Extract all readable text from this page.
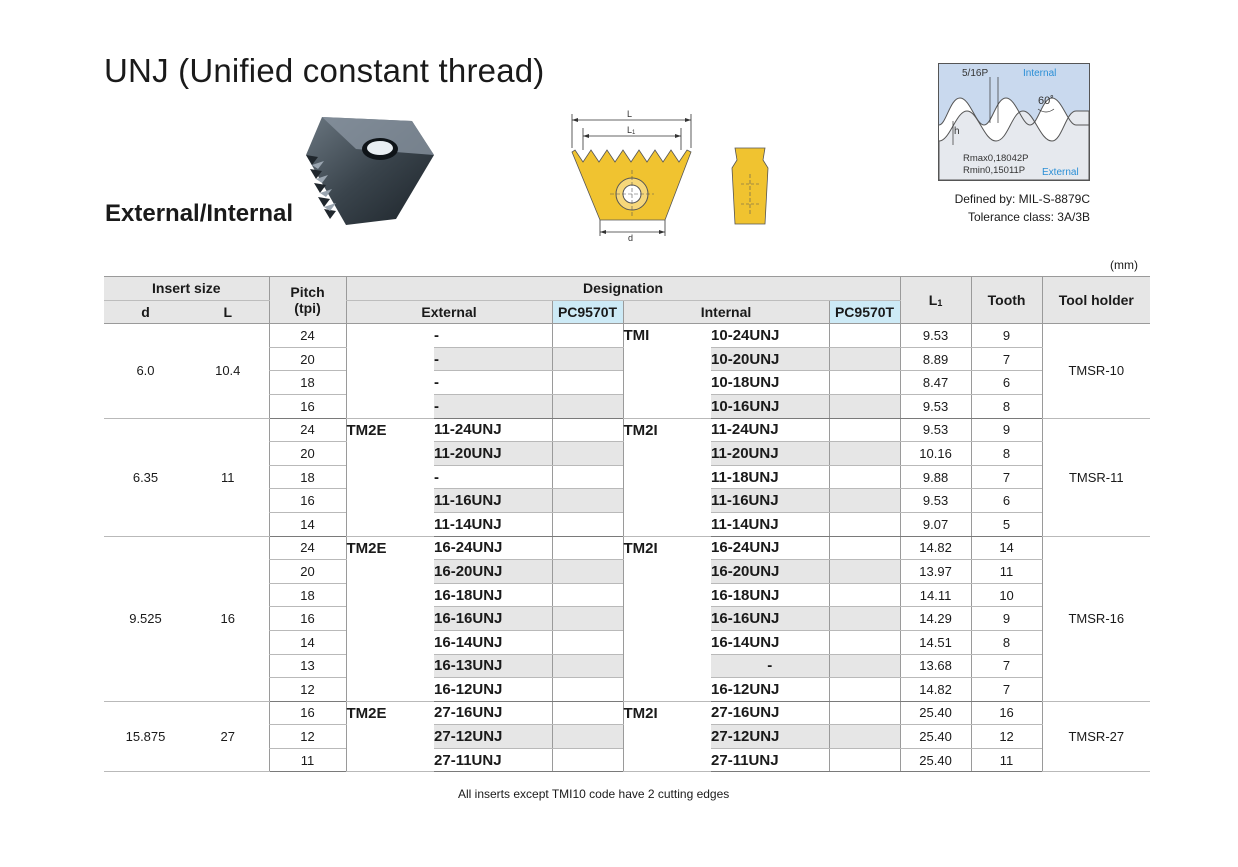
UNJ (Unified constant thread)
External/Internal
L
L1
d
5/16P	Internal
60˚
h
Rmax0,18042P
Rmin0,15011P External
Defined by: MIL-S-8879C
Tolerance class: 3A/3B
(mm)
Insert size		Pitch
(tpi)	Designation						L1	Tooth	Tool holder
d	L		External		PC9570T	Internal		PC9570T			
6.0	10.4	24		-		TMI	10-24UNJ		9.53	9	TMSR-10
		20		-			10-20UNJ		8.89	7	
		18		-			10-18UNJ		8.47	6	
		16		-			10-16UNJ		9.53	8	
6.35	11	24	TM2E	11-24UNJ		TM2I	11-24UNJ		9.53	9	TMSR-11
		20		11-20UNJ			11-20UNJ		10.16	8	
		18		-			11-18UNJ		9.88	7	
		16		11-16UNJ			11-16UNJ		9.53	6	
		14		11-14UNJ			11-14UNJ		9.07	5	
9.525	16	24	TM2E	16-24UNJ		TM2I	16-24UNJ		14.82	14	TMSR-16
		20		16-20UNJ			16-20UNJ		13.97	11	
		18		16-18UNJ			16-18UNJ		14.11	10	
		16		16-16UNJ			16-16UNJ		14.29	9	
		14		16-14UNJ			16-14UNJ		14.51	8	
		13		16-13UNJ			-		13.68	7	
		12		16-12UNJ			16-12UNJ		14.82	7	
15.875	27	16	TM2E	27-16UNJ		TM2I	27-16UNJ		25.40	16	TMSR-27
		12		27-12UNJ			27-12UNJ		25.40	12	
		11		27-11UNJ			27-11UNJ		25.40	11	
All inserts except TMI10 code have 2 cutting edges
